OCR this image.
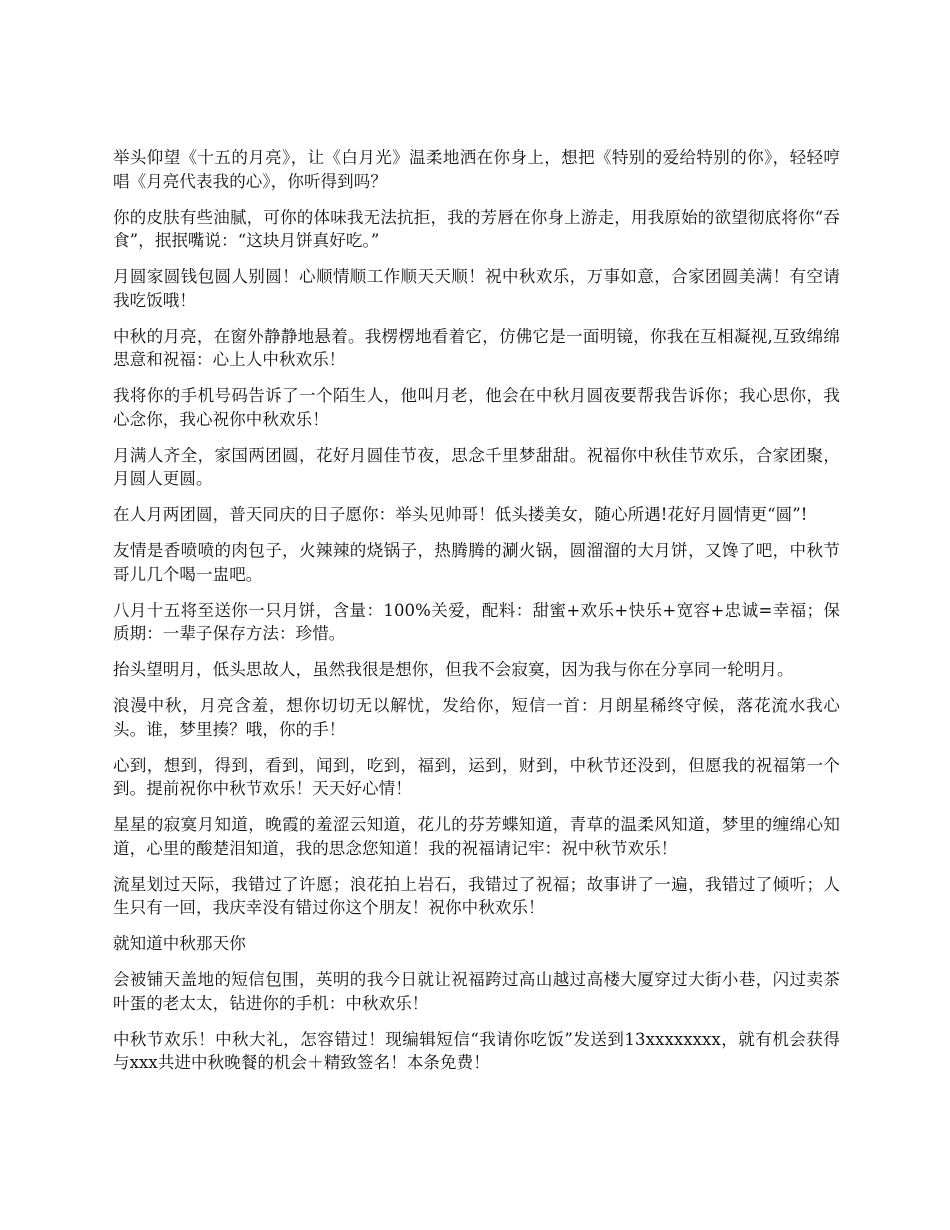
举头仰望《十五的月亮》，让《白月光》温柔地洒在你身上，想把《特别的爱给特别的你》，轻轻哼唱《月亮代表我的心》，你听得到吗？

你的皮肤有些油腻，可你的体味我无法抗拒，我的芳唇在你身上游走，用我原始的欲望彻底将你“吞食”，抿抿嘴说：“这块月饼真好吃。”

月圆家圆钱包圆人别圆！心顺情顺工作顺天天顺！祝中秋欢乐，万事如意，合家团圆美满！有空请我吃饭哦！

中秋的月亮，在窗外静静地悬着。我楞楞地看着它，仿佛它是一面明镜，你我在互相凝视,互致绵绵思意和祝福：心上人中秋欢乐！

我将你的手机号码告诉了一个陌生人，他叫月老，他会在中秋月圆夜要帮我告诉你；我心思你，我心念你，我心祝你中秋欢乐！

月满人齐全，家国两团圆，花好月圆佳节夜，思念千里梦甜甜。祝福你中秋佳节欢乐，合家团聚，月圆人更圆。

在人月两团圆，普天同庆的日子愿你：举头见帅哥！低头搂美女，随心所遇!花好月圆情更“圆”!

友情是香喷喷的肉包子，火辣辣的烧锅子，热腾腾的涮火锅，圆溜溜的大月饼，又馋了吧，中秋节哥儿几个喝一盅吧。

八月十五将至送你一只月饼，含量：100%关爱，配料：甜蜜+欢乐+快乐+宽容+忠诚=幸福；保质期：一辈子保存方法：珍惜。

抬头望明月，低头思故人，虽然我很是想你，但我不会寂寞，因为我与你在分享同一轮明月。

浪漫中秋，月亮含羞，想你切切无以解忧，发给你，短信一首：月朗星稀终守候，落花流水我心头。谁，梦里揍？哦，你的手！

心到，想到，得到，看到，闻到，吃到，福到，运到，财到，中秋节还没到，但愿我的祝福第一个到。提前祝你中秋节欢乐！天天好心情！

星星的寂寞月知道，晚霞的羞涩云知道，花儿的芬芳蝶知道，青草的温柔风知道，梦里的缠绵心知道，心里的酸楚泪知道，我的思念您知道！我的祝福请记牢：祝中秋节欢乐！

流星划过天际，我错过了许愿；浪花拍上岩石，我错过了祝福；故事讲了一遍，我错过了倾听；人生只有一回，我庆幸没有错过你这个朋友！祝你中秋欢乐！

就知道中秋那天你

会被铺天盖地的短信包围，英明的我今日就让祝福跨过高山越过高楼大厦穿过大街小巷，闪过卖茶叶蛋的老太太，钻进你的手机：中秋欢乐！

中秋节欢乐！中秋大礼，怎容错过！现编辑短信“我请你吃饭”发送到13xxxxxxxx，就有机会获得与xxx共进中秋晚餐的机会＋精致签名！本条免费！
